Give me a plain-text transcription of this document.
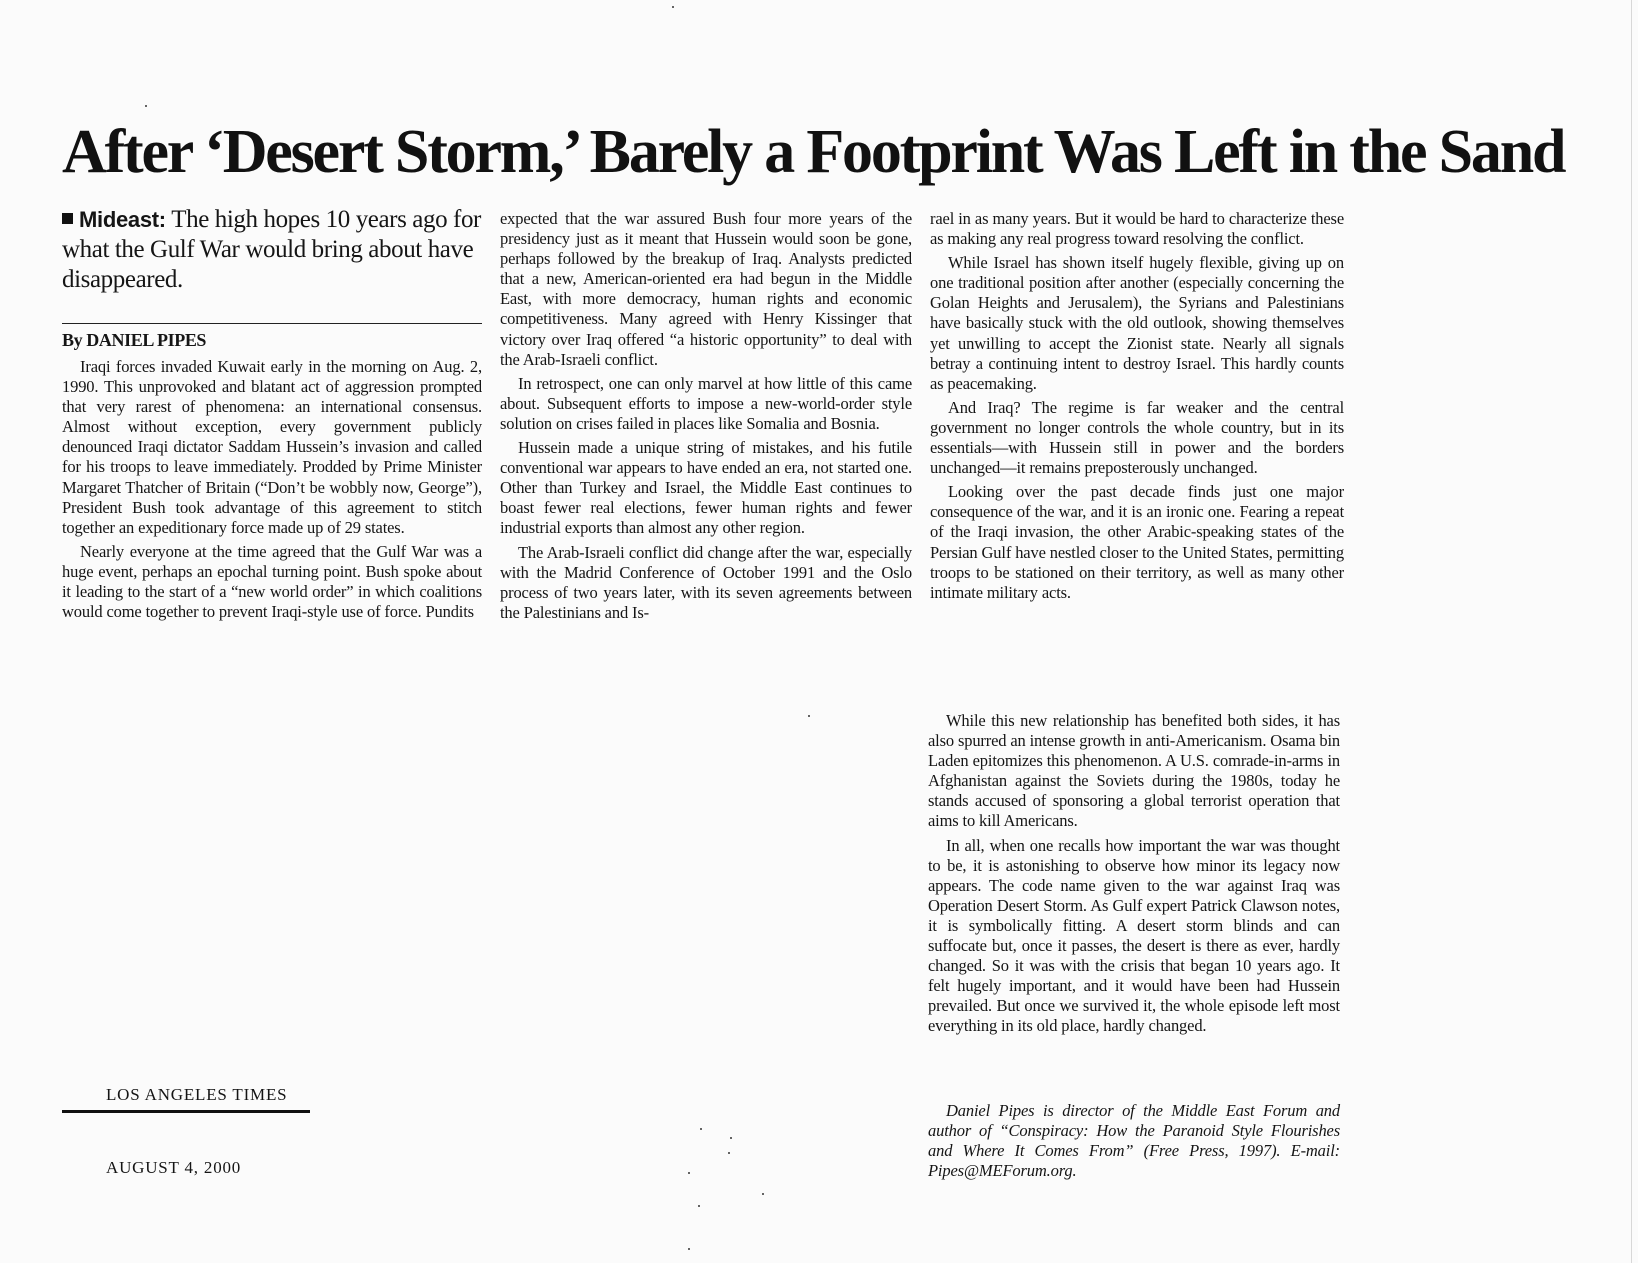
After ‘Desert Storm,’ Barely a Footprint Was Left in the Sand
Mideast: The high hopes 10 years ago for what the Gulf War would bring about have disappeared.
By DANIEL PIPES

Iraqi forces invaded Kuwait early in the morning on Aug. 2, 1990. This unprovoked and blatant act of aggression prompted that very rarest of phenomena: an international consensus. Almost without exception, every government publicly denounced Iraqi dictator Saddam Hussein’s invasion and called for his troops to leave immediately. Prodded by Prime Minister Margaret Thatcher of Britain (“Don’t be wobbly now, George”), President Bush took advantage of this agreement to stitch together an expeditionary force made up of 29 states.

Nearly everyone at the time agreed that the Gulf War was a huge event, perhaps an epochal turning point. Bush spoke about it leading to the start of a “new world order” in which coalitions would come together to prevent Iraqi-style use of force. Pundits

expected that the war assured Bush four more years of the presidency just as it meant that Hussein would soon be gone, perhaps followed by the breakup of Iraq. Analysts predicted that a new, American-oriented era had begun in the Middle East, with more democracy, human rights and economic competitiveness. Many agreed with Henry Kissinger that victory over Iraq offered “a historic opportunity” to deal with the Arab-Israeli conflict.

In retrospect, one can only marvel at how little of this came about. Subsequent efforts to impose a new-world-order style solution on crises failed in places like Somalia and Bosnia.

Hussein made a unique string of mistakes, and his futile conventional war appears to have ended an era, not started one. Other than Turkey and Israel, the Middle East continues to boast fewer real elections, fewer human rights and fewer industrial exports than almost any other region.

The Arab-Israeli conflict did change after the war, especially with the Madrid Conference of October 1991 and the Oslo process of two years later, with its seven agreements between the Palestinians and Is-

rael in as many years. But it would be hard to characterize these as making any real progress toward resolving the conflict.

While Israel has shown itself hugely flexible, giving up on one traditional position after another (especially concerning the Golan Heights and Jerusalem), the Syrians and Palestinians have basically stuck with the old outlook, showing themselves yet unwilling to accept the Zionist state. Nearly all signals betray a continuing intent to destroy Israel. This hardly counts as peacemaking.

And Iraq? The regime is far weaker and the central government no longer controls the whole country, but in its essentials—with Hussein still in power and the borders unchanged—it remains preposterously unchanged.

Looking over the past decade finds just one major consequence of the war, and it is an ironic one. Fearing a repeat of the Iraqi invasion, the other Arabic-speaking states of the Persian Gulf have nestled closer to the United States, permitting troops to be stationed on their territory, as well as many other intimate military acts.

While this new relationship has benefited both sides, it has also spurred an intense growth in anti-Americanism. Osama bin Laden epitomizes this phenomenon. A U.S. comrade-in-arms in Afghanistan against the Soviets during the 1980s, today he stands accused of sponsoring a global terrorist operation that aims to kill Americans.

In all, when one recalls how important the war was thought to be, it is astonishing to observe how minor its legacy now appears. The code name given to the war against Iraq was Operation Desert Storm. As Gulf expert Patrick Clawson notes, it is symbolically fitting. A desert storm blinds and can suffocate but, once it passes, the desert is there as ever, hardly changed. So it was with the crisis that began 10 years ago. It felt hugely important, and it would have been had Hussein prevailed. But once we survived it, the whole episode left most everything in its old place, hardly changed.

Daniel Pipes is director of the Middle East Forum and author of “Conspiracy: How the Paranoid Style Flourishes and Where It Comes From” (Free Press, 1997). E-mail: Pipes@MEForum.org.

LOS ANGELES TIMES
AUGUST 4, 2000
